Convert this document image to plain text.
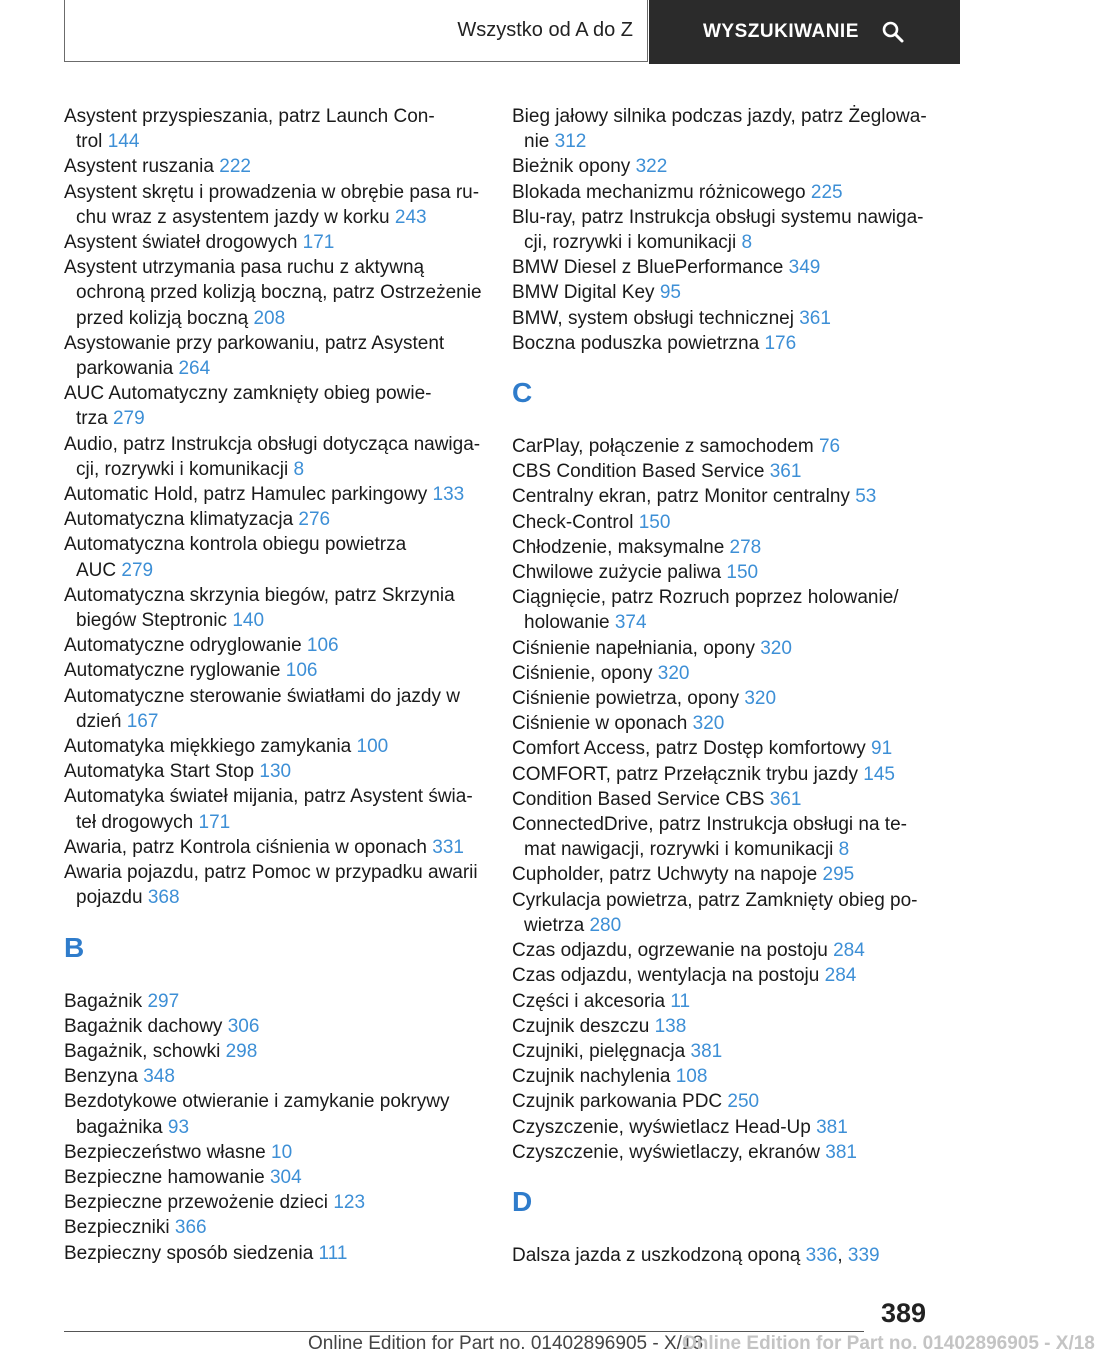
Wszystko od A do Z	WYSZUKIWANIE
Asystent przyspieszania, patrz Launch Con-
trol 144
Asystent ruszania 222
Asystent skrętu i prowadzenia w obrębie pasa ru-
chu wraz z asystentem jazdy w korku 243
Asystent świateł drogowych 171
Asystent utrzymania pasa ruchu z aktywną
ochroną przed kolizją boczną, patrz Ostrzeżenie
przed kolizją boczną 208
Asystowanie przy parkowaniu, patrz Asystent
parkowania 264
AUC Automatyczny zamknięty obieg powie-
trza 279
Audio, patrz Instrukcja obsługi dotycząca nawiga-
cji, rozrywki i komunikacji 8
Automatic Hold, patrz Hamulec parkingowy 133
Automatyczna klimatyzacja 276
Automatyczna kontrola obiegu powietrza
AUC 279
Automatyczna skrzynia biegów, patrz Skrzynia
biegów Steptronic 140
Automatyczne odryglowanie 106
Automatyczne ryglowanie 106
Automatyczne sterowanie światłami do jazdy w
dzień 167
Automatyka miękkiego zamykania 100
Automatyka Start Stop 130
Automatyka świateł mijania, patrz Asystent świa-
teł drogowych 171
Awaria, patrz Kontrola ciśnienia w oponach 331
Awaria pojazdu, patrz Pomoc w przypadku awarii
pojazdu 368
B
Bagażnik 297
Bagażnik dachowy 306
Bagażnik, schowki 298
Benzyna 348
Bezdotykowe otwieranie i zamykanie pokrywy
bagażnika 93
Bezpieczeństwo własne 10
Bezpieczne hamowanie 304
Bezpieczne przewożenie dzieci 123
Bezpieczniki 366
Bezpieczny sposób siedzenia 111
Bieg jałowy silnika podczas jazdy, patrz Żeglowa-
nie 312
Bieżnik opony 322
Blokada mechanizmu różnicowego 225
Blu-ray, patrz Instrukcja obsługi systemu nawiga-
cji, rozrywki i komunikacji 8
BMW Diesel z BluePerformance 349
BMW Digital Key 95
BMW, system obsługi technicznej 361
Boczna poduszka powietrzna 176
C
CarPlay, połączenie z samochodem 76
CBS Condition Based Service 361
Centralny ekran, patrz Monitor centralny 53
Check-Control 150
Chłodzenie, maksymalne 278
Chwilowe zużycie paliwa 150
Ciągnięcie, patrz Rozruch poprzez holowanie/
holowanie 374
Ciśnienie napełniania, opony 320
Ciśnienie, opony 320
Ciśnienie powietrza, opony 320
Ciśnienie w oponach 320
Comfort Access, patrz Dostęp komfortowy 91
COMFORT, patrz Przełącznik trybu jazdy 145
Condition Based Service CBS 361
ConnectedDrive, patrz Instrukcja obsługi na te-
mat nawigacji, rozrywki i komunikacji 8
Cupholder, patrz Uchwyty na napoje 295
Cyrkulacja powietrza, patrz Zamknięty obieg po-
wietrza 280
Czas odjazdu, ogrzewanie na postoju 284
Czas odjazdu, wentylacja na postoju 284
Części i akcesoria 11
Czujnik deszczu 138
Czujniki, pielęgnacja 381
Czujnik nachylenia 108
Czujnik parkowania PDC 250
Czyszczenie, wyświetlacz Head-Up 381
Czyszczenie, wyświetlaczy, ekranów 381
D
Dalsza jazda z uszkodzoną oponą 336, 339
389
Online Edition for Part no. 01402896905 - X/18
Online Edition for Part no. 01402896905 - X/18
